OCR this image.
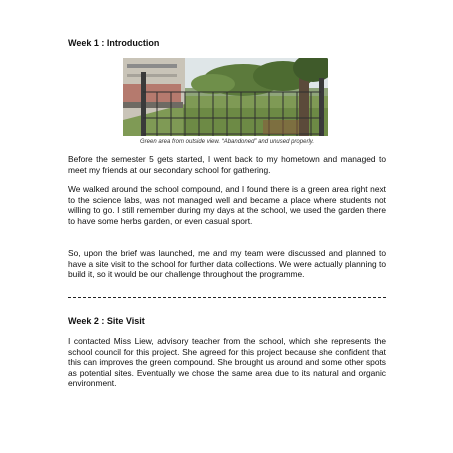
Week 1 : Introduction
Green area from outside view. “Abandoned” and unused properly.

Before the semester 5 gets started, I went back to my hometown and managed to meet my friends at our secondary school for gathering.

We walked around the school compound, and I found there is a green area right next to the science labs, was not managed well and became a place where students not willing to go. I still remember during my days at the school, we used the garden there to have some herbs garden, or even casual sport.

So, upon the brief was launched, me and my team were discussed and planned to have a site visit to the school for further data collections. We were actually planning to build it, so it would be our challenge throughout the programme.

Week 2 : Site Visit

I contacted Miss Liew, advisory teacher from the school, which she represents the school council for this project. She agreed for this project because she confident that this can improves the green compound. She brought us around and some other spots as potential sites. Eventually we chose the same area due to its natural and organic environment.
